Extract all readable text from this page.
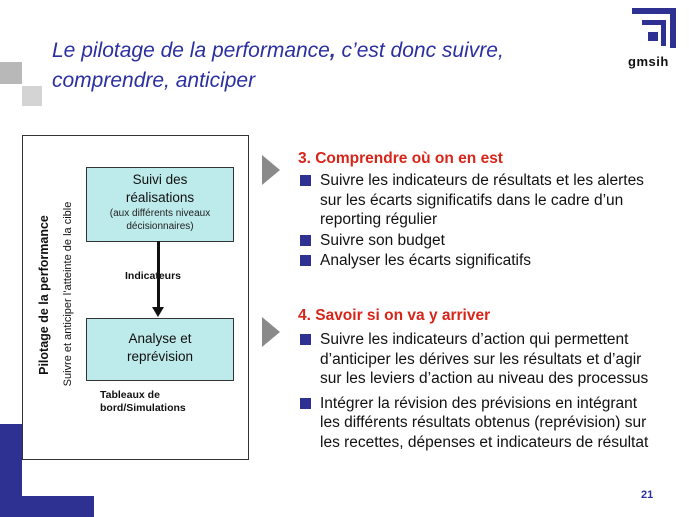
Le pilotage de la performance, c’est donc suivre, comprendre, anticiper
gmsih
Pilotage de la performance Suivre et anticiper l’atteinte de la cible
Suivi des
réalisations
(aux différents niveaux
décisionnaires)
Indicateurs
Analyse et
reprévision
Tableaux de
bord/Simulations
3. Comprendre où on en est
Suivre les indicateurs de résultats et les alertes sur les écarts significatifs dans le cadre d’un reporting régulier
Suivre son budget
Analyser les écarts significatifs
4. Savoir si on va y arriver
Suivre les indicateurs d’action qui permettent d’anticiper les dérives sur les résultats et d’agir sur les leviers d’action au niveau des processus
Intégrer la révision des prévisions en intégrant les différents résultats obtenus (reprévision) sur les recettes, dépenses et indicateurs de résultat
21
